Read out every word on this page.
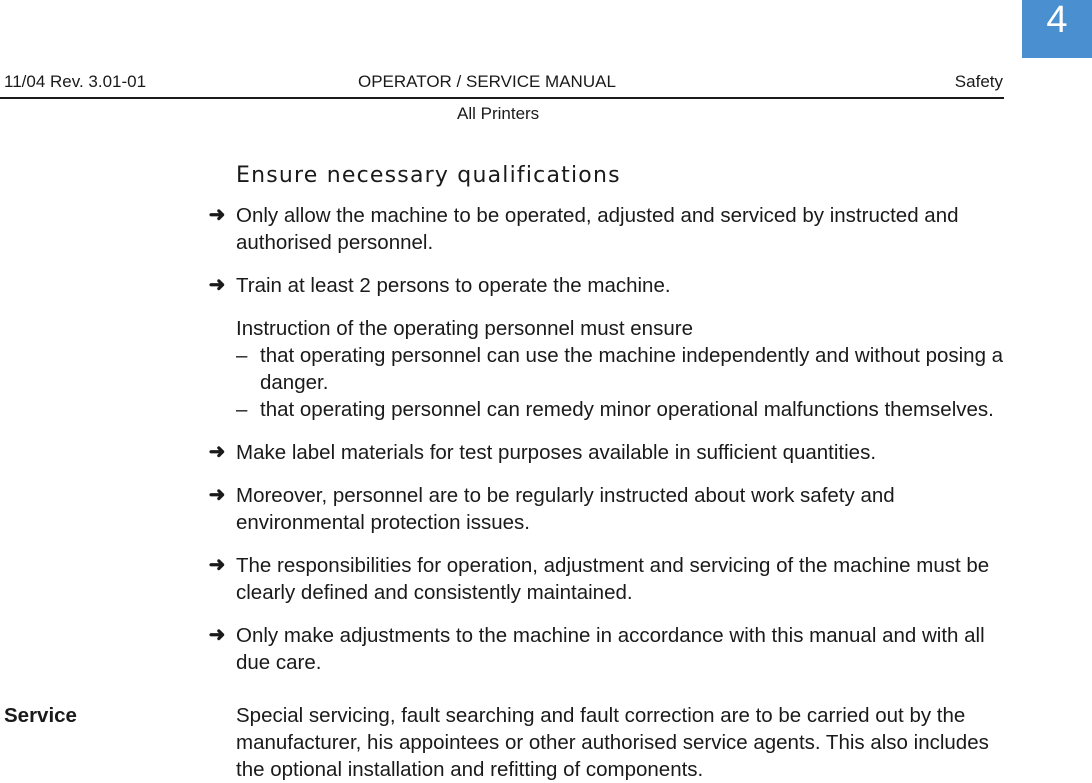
4
11/04 Rev. 3.01-01	OPERATOR / SERVICE MANUAL	Safety
All Printers
Ensure necessary qualifications
➜ Only allow the machine to be operated, adjusted and serviced by instructed and authorised personnel.
➜ Train at least 2 persons to operate the machine.
Instruction of the operating personnel must ensure
– that operating personnel can use the machine independently and without posing a danger.
– that operating personnel can remedy minor operational malfunctions themselves.
➜ Make label materials for test purposes available in sufficient quantities.
➜ Moreover, personnel are to be regularly instructed about work safety and environmental protection issues.
➜ The responsibilities for operation, adjustment and servicing of the machine must be clearly defined and consistently maintained.
➜ Only make adjustments to the machine in accordance with this manual and with all due care.
Service	Special servicing, fault searching and fault correction are to be carried out by the manufacturer, his appointees or other authorised service agents. This also includes the optional installation and refitting of components.
